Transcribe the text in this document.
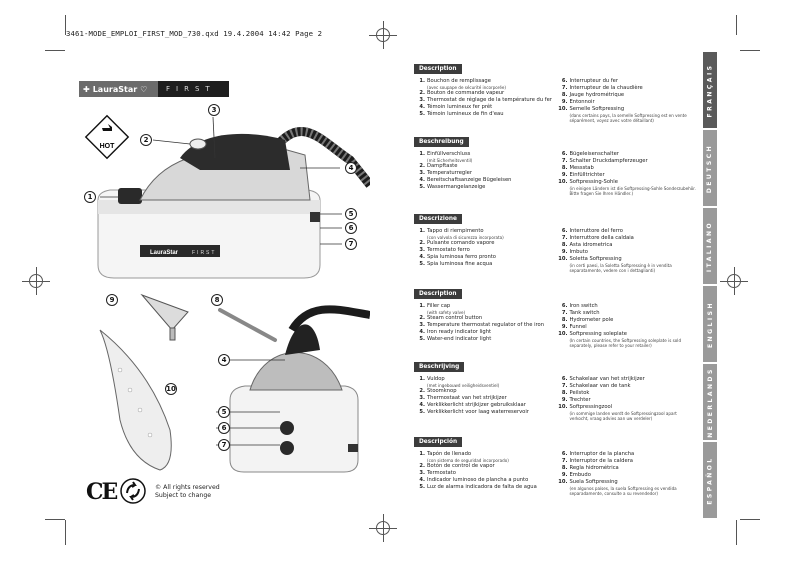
3461-MODE_EMPLOI_FIRST_MOD_730.qxd 19.4.2004 14:42 Page 2
✚ LauraStar ♡	FIRST
HOT
LauraStar	FIRST
1
2
3
4
5
6
7
8
9
10
4
5
6
7
CE	© All rights reserved
Subject to change
Description
1. Bouchon de remplissage
(avec soupape de sécurité incorporée)
2. Bouton de commande vapeur
3. Thermostat de réglage de la température du fer
4. Témoin lumineux fer prêt
5. Témoin lumineux de fin d'eau
6. Interrupteur du fer
7. Interrupteur de la chaudière
8. Jauge hydrométrique
9. Entonnoir
10. Semelle Softpressing
(dans certains pays, la semelle Softpressing est en vente séparément, voyez avec votre détaillant)
Beschreibung
1. Einfüllverschluss
(mit Sicherheitsventil)
2. Dampftaste
3. Temperaturregler
4. Bereitschaftsanzeige Bügeleisen
5. Wassermangelanzeige
6. Bügeleisenschalter
7. Schalter Druckdampferzeuger
8. Messstab
9. Einfülltrichter
10. Softpressing-Sohle
(in einigen Ländern ist die Softpressing-Sohle Sonderzubehör. Bitte fragen Sie Ihren Händler.)
Descrizione
1. Tappo di riempimento
(con valvola di sicurezza incorporata)
2. Pulsante comando vapore
3. Termostato ferro
4. Spia luminosa ferro pronto
5. Spia luminosa fine acqua
6. Interruttore del ferro
7. Interruttore della caldaia
8. Asta idrometrica
9. Imbuto
10. Soletta Softpressing
(in certi paesi, la Soletta Softpressing è in vendita separatamente, vedere con i dettaglianti)
Description
1. Filler cap
(with safety valve)
2. Steam control button
3. Temperature thermostat regulator of the iron
4. Iron ready indicator light
5. Water-end indicator light
6. Iron switch
7. Tank switch
8. Hydrometer pole
9. Funnel
10. Softpressing soleplate
(In certain countries, the Softpressing soleplate is sold separately, please refer to your retailer)
Beschrijving
1. Vuldop
(met ingebouwd veiligheidsventiel)
2. Stoomknop
3. Thermostaat van het strijkijzer
4. Verklikkerlicht strijkijzer gebruiksklaar
5. Verklikkerlicht voor laag waterreservoir
6. Schakelaar van het strijkijzer
7. Schakelaar van de tank
8. Peilstok
9. Trechter
10. Softpressingzool
(in sommige landen wordt de Softpressingzool apart verkocht, vraag advies aan uw verdeler)
Descripción
1. Tapón de llenado
(con sistema de seguridad incorporado)
2. Botón de control de vapor
3. Termostato
4. Indicador luminoso de plancha a punto
5. Luz de alarma indicadora de falta de agua
6. Interruptor de la plancha
7. Interruptor de la caldera
8. Regla hidrométrica
9. Embudo
10. Suela Softpressing
(en algunos países, la suela Softpressing es vendida separadamente, consulte a su revendedor)
FRANÇAIS
DEUTSCH
ITALIANO
ENGLISH
NEDERLANDS
ESPAÑOL
